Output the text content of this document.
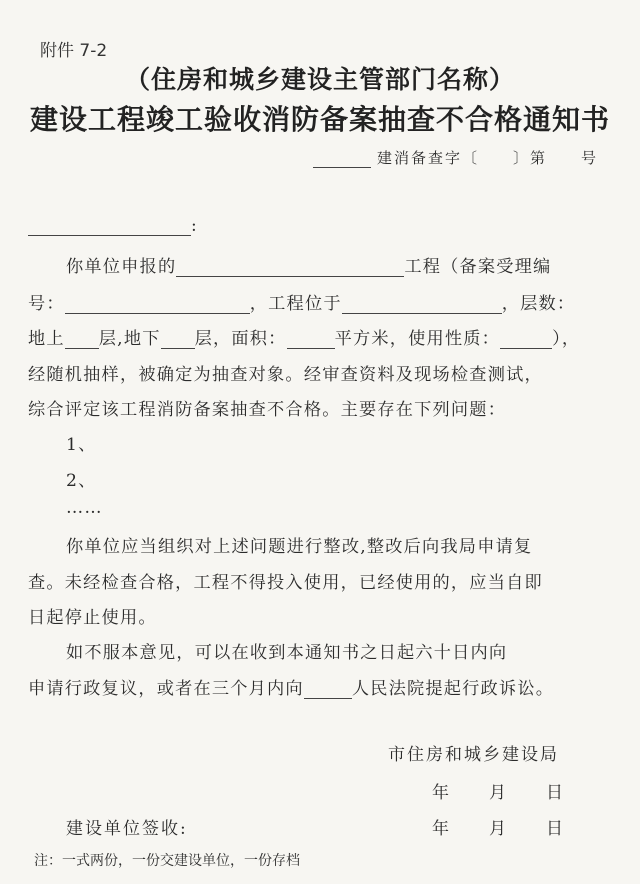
附件 7-2
（住房和城乡建设主管部门名称）
建设工程竣工验收消防备案抽查不合格通知书
建消备查字〔　　〕第　　号
:
你单位申报的	工程（备案受理编
号：	，工程位于	，层数：
地上 层,地下 层，面积：	平方米，使用性质：	），
经随机抽样，被确定为抽查对象。经审查资料及现场检查测试，
综合评定该工程消防备案抽查不合格。主要存在下列问题：
1、
2、
……
你单位应当组织对上述问题进行整改,整改后向我局申请复
查。未经检查合格，工程不得投入使用，已经使用的，应当自即
日起停止使用。
如不服本意见，可以在收到本通知书之日起六十日内向
申请行政复议，或者在三个月内向	人民法院提起行政诉讼。
市住房和城乡建设局
年　　月　　日
建设单位签收:	年　　月　　日
注：一式两份，一份交建设单位，一份存档
